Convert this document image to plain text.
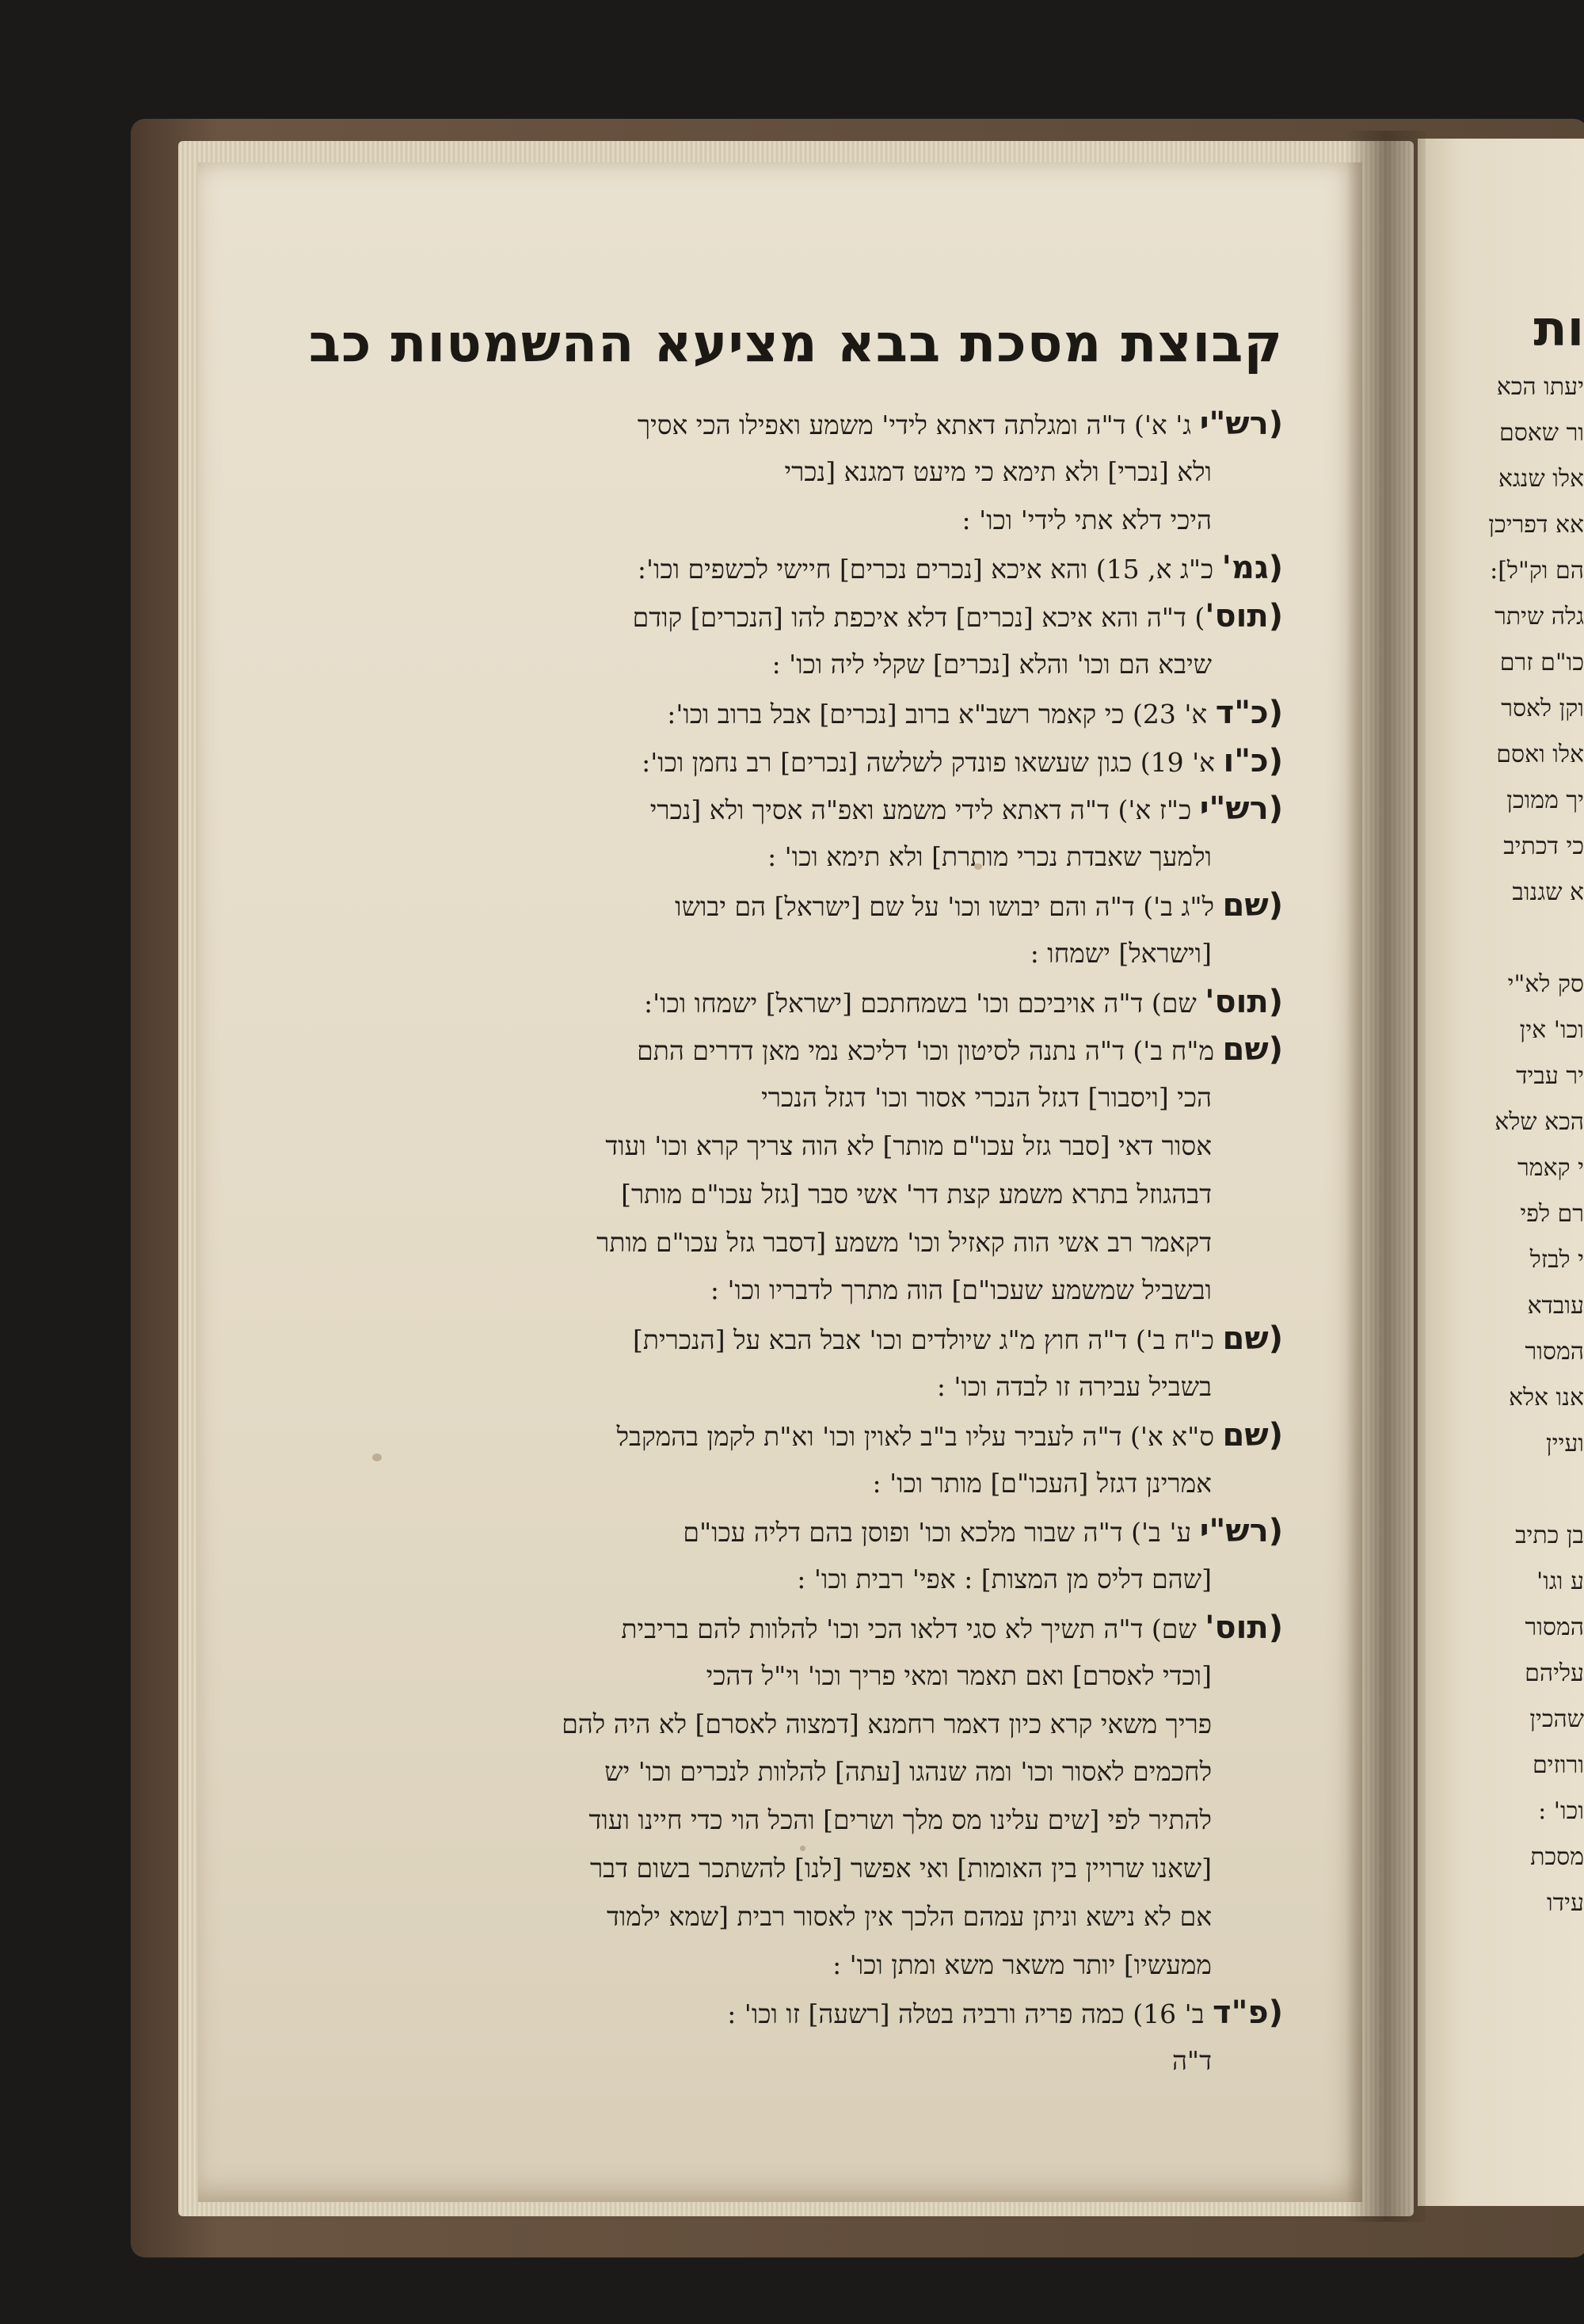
קבוצת מסכת בבא מציעא ההשמטות כב
(רש"י ג' א') ד"ה ומגלתה דאתא לידי' משמע ואפילו הכי אסיך
ולא [נכרי] ולא תימא כי מיעט דמגנא [נכרי
היכי דלא אתי לידי' וכו' :
(גמ' כ"ג א, 15) והא איכא [נכרים נכרים] חיישי לכשפים וכו':
(תוס') ד"ה והא איכא [נכרים] דלא איכפת להו [הנכרים] קודם
שיבא הם וכו' והלא [נכרים] שקלי ליה וכו' :
(כ"ד א' 23) כי קאמר רשב"א ברוב [נכרים] אבל ברוב וכו':
(כ"ו א' 19) כגון שעשאו פונדק לשלשה [נכרים] רב נחמן וכו':
(רש"י כ"ז א') ד"ה דאתא לידי משמע ואפ"ה אסיך ולא [נכרי
ולמעך שאבדת נכרי מותרת] ולא תימא וכו' :
(שם ל"ג ב') ד"ה והם יבושו וכו' על שם [ישראל] הם יבושו
[וישראל] ישמחו :
(תוס' שם) ד"ה אויביכם וכו' בשמחתכם [ישראל] ישמחו וכו':
(שם מ"ח ב') ד"ה נתנה לסיטון וכו' דליכא נמי מאן דדרים התם
הכי [ויסבור] דגזל הנכרי אסור וכו' דגזל הנכרי
אסור דאי [סבר גזל עכו"ם מותר] לא הוה צריך קרא וכו' ועוד
דבהגוזל בתרא משמע קצת דר' אשי סבר [גזל עכו"ם מותר]
דקאמר רב אשי הוה קאזיל וכו' משמע [דסבר גזל עכו"ם מותר
ובשביל שמשמע שעכו"ם] הוה מתרך לדבריו וכו' :
(שם כ"ח ב') ד"ה חוץ מ"ג שיולדים וכו' אבל הבא על [הנכרית]
בשביל עבירה זו לבדה וכו' :
(שם ס"א א') ד"ה לעביר עליו ב"ב לאוין וכו' וא"ת לקמן בהמקבל
אמרינן דגזל [העכו"ם] מותר וכו' :
(רש"י ע' ב') ד"ה שבור מלכא וכו' ופוסן בהם דליה עכו"ם
[שהם דליס מן המצות] : אפי' רבית וכו' :
(תוס' שם) ד"ה תשיך לא סגי דלאו הכי וכו' להלוות להם בריבית
[וכדי לאסרם] ואם תאמר ומאי פריך וכו' וי"ל דהכי
פריך משאי קרא כיון דאמר רחמנא [דמצוה לאסרם] לא היה להם
לחכמים לאסור וכו' ומה שנהגו [עתה] להלוות לנכרים וכו' יש
להתיר לפי [שים עלינו מס מלך ושרים] והכל הוי כדי חיינו ועוד
[שאנו שרויין בין האומות] ואי אפשר [לנו] להשתכר בשום דבר
אם לא נישא וניתן עמהם הלכך אין לאסור רבית [שמא ילמוד
ממעשיו] יותר משאר משא ומתן וכו' :
(פ"ד ב' 16) כמה פריה ורביה בטלה [רשעה] זו וכו' :
ד"ה
ות
יעתו הכא
ור שאסם
אלו שנגא
אא דפריכן
הם וק"ל]:
גלה שיתר
כו"ם זרם
וקן לאסר
אלו ואסם
יך ממוכן
כי דכתיב
א שגנוב
סק לא"י
וכו' אין
יר עביד
הכא שלא
י קאמר
רם לפי
י לבזל
עובדא
המסור
אנו אלא
ועיין
בן כתיב
ע וגו'
המסור
עליהם
שהכין
ורוזים
וכו' :
מסכת
עידו
